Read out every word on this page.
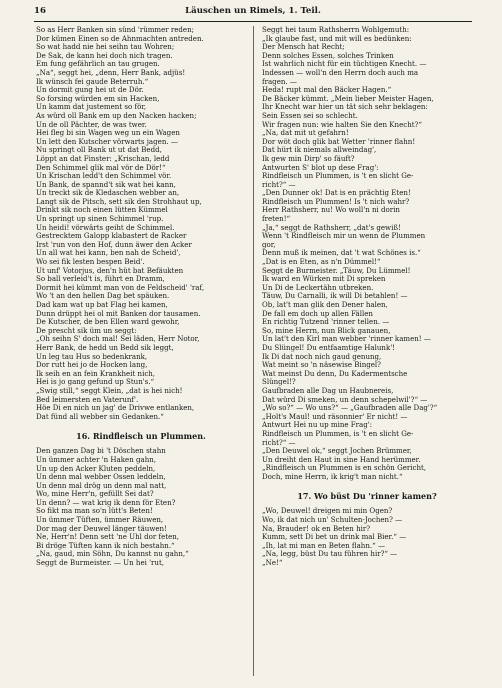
16	Läuschen un Rimels, 1. Teil.
So as Herr Banken sin sünd 'rümmer reden;
Dor kümen Einen so de Ahnmachten antreden.
So wat hadd nie hei seihn tau Wohren;
De Sak, de kann hei doch nich tragen.
Em fung gefährlich an tau grugen.
„Na“, seggt hei, „denn, Herr Bank, adjüs!
Ik wünsch fei gaude Beterruh.“
Un dormit gung hei ut de Dör.
So forsing würden em sin Hacken,
Un kamm dat justement so för,
As würd oll Bank em up den Nacken hacken;
Un de oll Pächter, de was twer.
Hei fleg bi sin Wagen weg un ein Wagen
Un lett den Kutscher vörwarts jagen. —
Nu springt oll Bank ut ut dat Bedd,
Löppt an dat Finster: „Krischan, ledd
Den Schimmel glik mal vör de Dör!“
Un Krischan ledd't den Schimmel vör.
Un Bank, de spannd't sik wat hei kann,
Un treckt sik de Kledaschen webber an,
Langt sik de Pitsch, sett sik den Strohhaut up,
Drinkt sik noch einen lütten Kümmel
Un springt up sinen Schimmel 'rup.
Un heidi! vörwärts geiht de Schimmel.
Gestrecktem Galopp klabastert de Racker
Irst 'run von den Hof, dunn äwer den Acker
Un all wat hei kann, ben nah de Scheid',
Wo sei fik lesten bespen Beid'.
Ut unf' Votorjus, den'n hüt bat Befäukten
So ball verleid't is, führt en Dramm,
Dormit hei kümmt man von de Feldscheid' 'raf,
Wo 't an den hellen Dag bet späuken.
Dad kam wat up bat Flag hei kamen,
Dunn drüppt hei ol mit Banken dor tausamen.
De Kutscher, de ben Ellen ward gewohr,
De prescht sik üm un seggt:
„Oh seihn S' doch mal! Sei läden, Herr Notor,
Herr Bank, de hedd un Bedd sik leggt,
Un leg tau Hus so bedenkrank,
Dor rutt hei jo de Hocken lang,
Ik seih en an fein Krankheit nich,
Hei is jo gang gefund up Stun's.“
„Swig still,“ seggt Klein, „dat is hei nich!
Bed leimersten en Vaterunf'.
Höe Di en nich un jag' de Drivwe entlanken,
Dat fünd all webber sin Gedanken.“
16. Rindfleisch un Plummen.
Den ganzen Dag bi 't Döschen stahn
Un ümmer achter 'n Haken gahn,
Un up den Acker Kluten peddeln,
Un denn mal webber Ossen leddeln,
Un denn mal drög un denn mal natt,
Wo, mine Herr'n, gefüllt Sei dat?
Un denn? — wat krig ik denn för Eten?
So fikt ma man so'n lütt's Beten!
Un ümmer Tüften, ümmer Räuwen,
Dor mag der Deuwel länger täuwen!
Ne, Herr'n! Denn sett 'ne Uhl dor feten,
Bi dröge Tüften kann ik nich bestahn.“
„Na, gaud, min Söhn, Du kannst nu gahn,“
Seggt de Burmeister. — Un hei 'rut,
Seggt hei taum Rathsherrn Wohlgemuth:
„Ik glaube fast, und mit will es bedünken:
Der Mensch hat Recht;
Denn solches Essen, solches Trinken
Ist wahrlich nicht für ein tüchtigen Knecht. —
Indessen — woll'n den Herrn doch auch ma
fragen. —
Heda! rupt mal den Bäcker Hagen.“
De Bäcker kümmt. „Mein lieber Meister Hagen,
Ihr Knecht war hier un tät sich sehr beklagen:
Sein Essen sei so schlecht.
Wir fragen nun: wie halten Sie den Knecht?“
„Na, dat mit ut gefahrn!
Dor wöt doch glik bat Wetter 'rinner flahn!
Dat hürt ik niemals allweindag',
Ik gew min Dirp' so fäuft?
Antwurten S' blot up dese Frag':
Rindfleisch un Plummen, is 't en slicht Ge-
richt?“ —
„Den Dunner ok! Dat is en prächtig Eten!
Rindfleisch un Plummen! Is 't nich wahr?
Herr Rathsherr, nu! Wo woll'n ni dorin
freten!“
„Ja,“ seggt de Rathsherr, „dat's gewiß!
Wenn 't Rindfleisch mir un wenn de Plummen
gor,
Denn muß ik meinen, dat 't wat Schönes is.“
„Dat is en Eten, as n'n Dümmel!“
Seggt de Burmeister. „Täuw, Du Lümmel!
Ik ward en Würken mit Di spreken
Un Di de Leckertähn utbreken.
Täuw, Du Carnalli, ik will Di betahlen! —
Ob, lat't man glik den Dener halen,
De fall em doch up allen Fällen
En richtig Tutzend 'rinner tellen. —
So, mine Herrn, nun Blick ganauen,
Un lat't den Kirl man webber 'rinner kamen! —
Du Slüngel! Du entfaamtige Halunk'!
Ik Di dat noch nich gaud genung,
Wat meint so 'n näsewise Bingel?
Wat meinst Du denn, Du Kadermentsche
Slüngel!?
Gaufbraden alle Dag un Haubnereis,
Dat würd Di smeken, un denn schepelwil'?“ —
„Wo so?“ — Wo uns?“ — „Gaufbraden alle Dag'?“
„Holt's Maul! und räsonnier' Er nicht! —
Antwurt Hei nu up mine Frag':
Rindfleisch un Plummen, is 't en slicht Ge-
richt?“ —
„Den Deuwel ok,“ seggt Jochen Brümmer,
Un dreiht den Haut in sine Hand herümmer.
„Rindfleisch un Plummen is en schön Gericht,
Doch, mine Herrn, ik krig't man nicht.“
17. Wo büst Du 'rinner kamen?
„Wo, Deuwel! dreigen mi min Ogen?
Wo, ik dat nich un' Schulten-Jochen? —
Na, Brauder! ok en Beten hir?
Kumm, sett Di bet un drink mal Bier.“ —
„Ih, lat mi man en Beten flahn.“ —
„Na, legg, büst Du tau führen hir?“ —
„Ne!“
